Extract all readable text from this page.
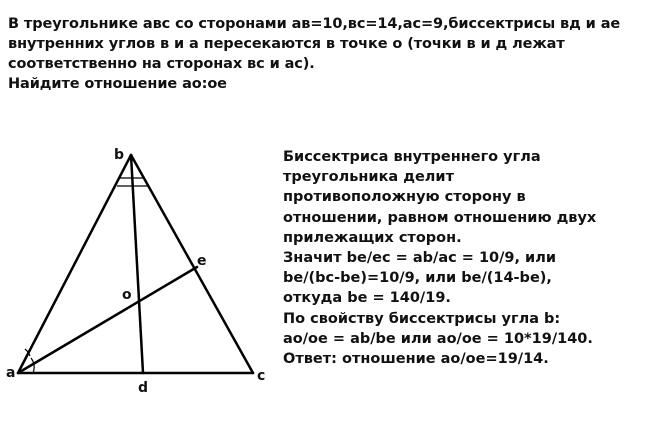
В треугольнике авс со сторонами ав=10,вс=14,ас=9,биссектрисы вд и ае
внутренних углов в и а пересекаются в точке о (точки в и д лежат
соответственно на сторонах вс и ас).
Найдите отношение ао:ое
b
a	c
d
e
o
Биссектриса внутреннего угла
треугольника делит
противоположную сторону в
отношении, равном отношению двух
прилежащих сторон.
Значит be/ec = ab/ac = 10/9, или
be/(bc-be)=10/9, или be/(14-be),
откуда be = 140/19.
По свойству биссектрисы угла b:
ao/oe = ab/be или ao/oe = 10*19/140.
Ответ: отношение ao/oe=19/14.
